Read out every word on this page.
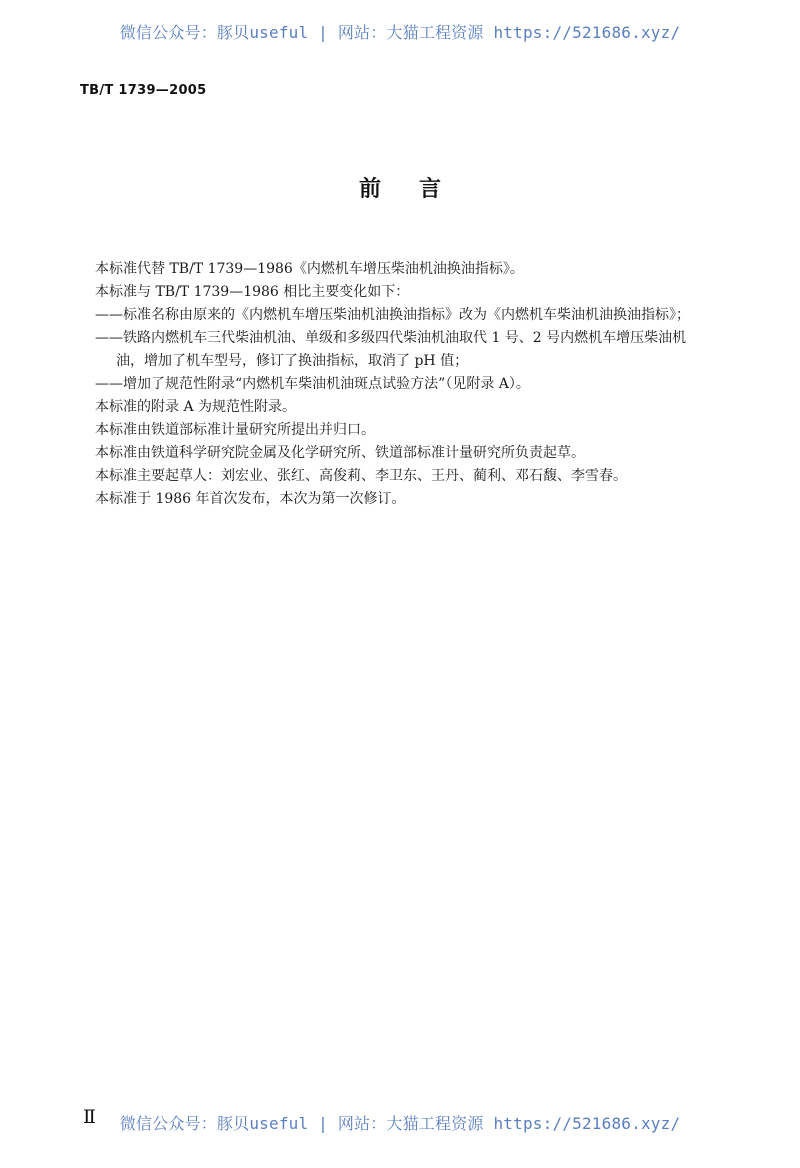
微信公众号：豚贝useful | 网站：大猫工程资源 https://521686.xyz/
TB/T 1739—2005
前言

本标准代替 TB/T 1739—1986《内燃机车增压柴油机油换油指标》。

本标准与 TB/T 1739—1986 相比主要变化如下：

——标准名称由原来的《内燃机车增压柴油机油换油指标》改为《内燃机车柴油机油换油指标》；

——铁路内燃机车三代柴油机油、单级和多级四代柴油机油取代 1 号、2 号内燃机车增压柴油机

油，增加了机车型号，修订了换油指标，取消了 pH 值；

——增加了规范性附录“内燃机车柴油机油斑点试验方法”（见附录 A）。

本标准的附录 A 为规范性附录。

本标准由铁道部标准计量研究所提出并归口。

本标准由铁道科学研究院金属及化学研究所、铁道部标准计量研究所负责起草。

本标准主要起草人：刘宏业、张红、高俊莉、李卫东、王丹、蔺利、邓石馥、李雪春。

本标准于 1986 年首次发布，本次为第一次修订。

Ⅱ	微信公众号：豚贝useful | 网站：大猫工程资源 https://521686.xyz/
